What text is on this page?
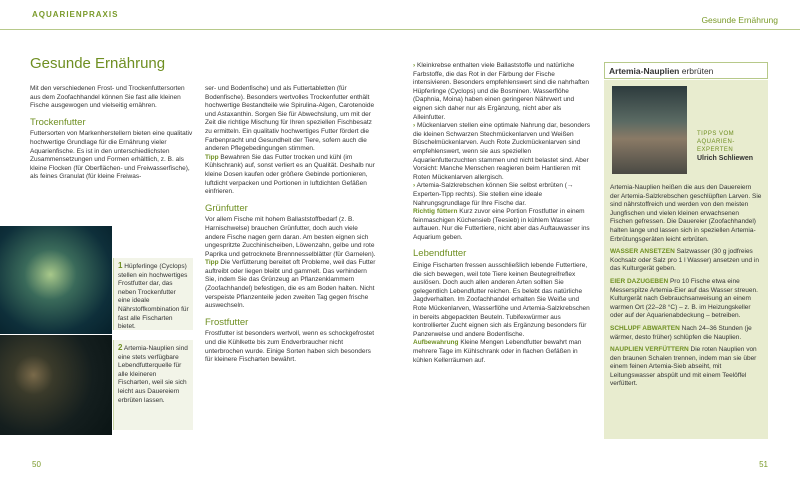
AQUARIENPRAXIS
Gesunde Ernährung
Gesunde Ernährung

Mit den verschiedenen Frost- und Trockenfuttersorten aus dem Zoofachhandel können Sie fast alle kleinen Fische ausgewogen und vielseitig ernähren.

Trockenfutter

Futtersorten von Markenherstellern bieten eine qualitativ hochwertige Grundlage für die Ernährung vieler Aquarienfische. Es ist in den unterschiedlichsten Zusammensetzungen und Formen erhältlich, z. B. als kleine Flocken (für Oberflächen- und Freiwasserfische), als feines Granulat (für kleine Freiwas-

1 Hüpferlinge (Cyclops) stellen ein hochwertiges Frostfutter dar, das neben Trockenfutter eine ideale Nährstoffkombination für fast alle Fischarten bietet.
2 Artemia-Nauplien sind eine stets verfügbare Lebendfutterquelle für alle kleineren Fischarten, weil sie sich leicht aus Dauereiern erbrüten lassen.

ser- und Bodenfische) und als Futtertabletten (für Bodenfische). Besonders wertvolles Trockenfutter enthält hochwertige Bestandteile wie Spirulina-Algen, Carotenoide und Astaxanthin. Sorgen Sie für Abwechslung, um mit der Zeit die richtige Mischung für Ihren speziellen Fischbesatz zu ermitteln. Ein qualitativ hochwertiges Futter fördert die Farbenpracht und Gesundheit der Tiere, sofern auch die anderen Pflegebedingungen stimmen.

Tipp Bewahren Sie das Futter trocken und kühl (im Kühlschrank) auf, sonst verliert es an Qualität. Deshalb nur kleine Dosen kaufen oder größere Gebinde portionieren, luftdicht verpacken und Portionen in luftdichten Gefäßen einfrieren.

Grünfutter

Vor allem Fische mit hohem Ballaststoffbedarf (z. B. Harnischwelse) brauchen Grünfutter, doch auch viele andere Fische nagen gern daran. Am besten eignen sich ungespritzte Zucchinischeiben, Löwenzahn, gelbe und rote Paprika und getrocknete Brennnesselblätter (für Garnelen).

Tipp Die Verfütterung bereitet oft Probleme, weil das Futter auftreibt oder liegen bleibt und gammelt. Das verhindern Sie, indem Sie das Grünzeug an Pflanzenklammern (Zoofachhandel) befestigen, die es am Boden halten. Nicht verspeiste Pflanzenteile jeden zweiten Tag gegen frische auswechseln.

Frostfutter

Frostfutter ist besonders wertvoll, wenn es schockgefrostet und die Kühlkette bis zum Endverbraucher nicht unterbrochen wurde. Einige Sorten haben sich besonders für kleinere Fischarten bewährt.

› Kleinkrebse enthalten viele Ballaststoffe und natürliche Farbstoffe, die das Rot in der Färbung der Fische intensivieren. Besonders empfehlenswert sind die nahrhaften Hüpferlinge (Cyclops) und die Bosminen. Wasserflöhe (Daphnia, Moina) haben einen geringeren Nährwert und eignen sich daher nur als Ergänzung, nicht aber als Alleinfutter.

› Mückenlarven stellen eine optimale Nahrung dar, besonders die kleinen Schwarzen Stechmückenlarven und Weißen Büschelmückenlarven. Auch Rote Zuckmückenlarven sind empfehlenswert, wenn sie aus speziellen Aquarienfutterzuchten stammen und nicht belastet sind. Aber Vorsicht: Manche Menschen reagieren beim Hantieren mit Roten Mückenlarven allergisch.

› Artemia-Salzkrebschen können Sie selbst erbrüten (→ Experten-Tipp rechts). Sie stellen eine ideale Nahrungsgrundlage für Ihre Fische dar.

Richtig füttern Kurz zuvor eine Portion Frostfutter in einem feinmaschigen Küchensieb (Teesieb) in kühlem Wasser auftauen. Nur die Futtertiere, nicht aber das Auftauwasser ins Aquarium geben.

Lebendfutter

Einige Fischarten fressen ausschließlich lebende Futtertiere, die sich bewegen, weil tote Tiere keinen Beutegreifreflex auslösen. Doch auch allen anderen Arten sollten Sie gelegentlich Lebendfutter reichen. Es belebt das natürliche Jagdverhalten. Im Zoofachhandel erhalten Sie Weiße und Rote Mückenlarven, Wasserflöhe und Artemia-Salzkrebschen in bereits abgepackten Beuteln. Tubifexwürmer aus kontrollierter Zucht eignen sich als Ergänzung besonders für Panzerwelse und andere Bodenfische.

Aufbewahrung Kleine Mengen Lebendfutter bewahrt man mehrere Tage im Kühlschrank oder in flachen Gefäßen in kühlen Kellerräumen auf.

Artemia-Nauplien erbrüten

Artemia-Nauplien heißen die aus den Dauereiern der Artemia-Salzkrebschen geschlüpften Larven. Sie sind nährstoffreich und werden von den meisten Jungfischen und vielen kleinen erwachsenen Fischen gefressen. Die Dauereier (Zoofachhandel) halten lange und lassen sich in speziellen Artemia-Erbrütungsgeräten leicht erbrüten.

WASSER ANSETZEN Salzwasser (30 g jodfreies Kochsalz oder Salz pro 1 l Wasser) ansetzen und in das Kulturgerät geben.

EIER DAZUGEBEN Pro 10 Fische etwa eine Messerspitze Artemia-Eier auf das Wasser streuen. Kulturgerät nach Gebrauchsanweisung an einem warmen Ort (22–28 °C) – z. B. im Heizungskeller oder auf der Aquarienabdeckung – betreiben.

SCHLUPF ABWARTEN Nach 24–36 Stunden (je wärmer, desto früher) schlüpfen die Nauplien.

NAUPLIEN VERFÜTTERN Die roten Nauplien von den braunen Schalen trennen, indem man sie über einem feinen Artemia-Sieb abseiht, mit Leitungswasser abspült und mit einem Teelöffel verfüttert.

TIPPS VOM
AQUARIEN-EXPERTEN
Ulrich Schliewen
50	51
